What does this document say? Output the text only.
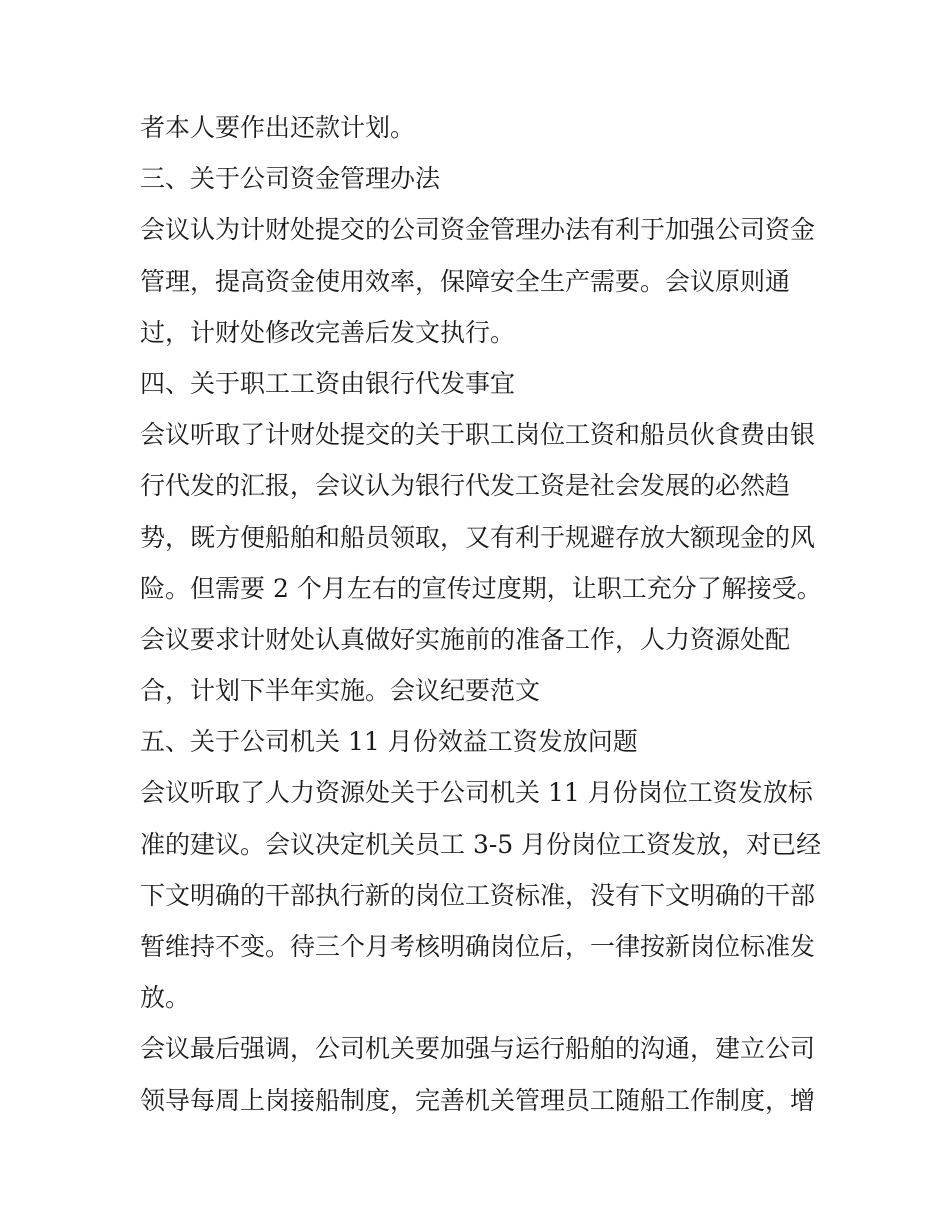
者本人要作出还款计划。
三、关于公司资金管理办法
会议认为计财处提交的公司资金管理办法有利于加强公司资金
管理，提高资金使用效率，保障安全生产需要。会议原则通
过，计财处修改完善后发文执行。
四、关于职工工资由银行代发事宜
会议听取了计财处提交的关于职工岗位工资和船员伙食费由银
行代发的汇报，会议认为银行代发工资是社会发展的必然趋
势，既方便船舶和船员领取，又有利于规避存放大额现金的风
险。但需要 2 个月左右的宣传过度期，让职工充分了解接受。
会议要求计财处认真做好实施前的准备工作，人力资源处配
合，计划下半年实施。会议纪要范文
五、关于公司机关 11 月份效益工资发放问题
会议听取了人力资源处关于公司机关 11 月份岗位工资发放标
准的建议。会议决定机关员工 3-5 月份岗位工资发放，对已经
下文明确的干部执行新的岗位工资标准，没有下文明确的干部
暂维持不变。待三个月考核明确岗位后，一律按新岗位标准发
放。
会议最后强调，公司机关要加强与运行船舶的沟通，建立公司
领导每周上岗接船制度，完善机关管理员工随船工作制度，增
